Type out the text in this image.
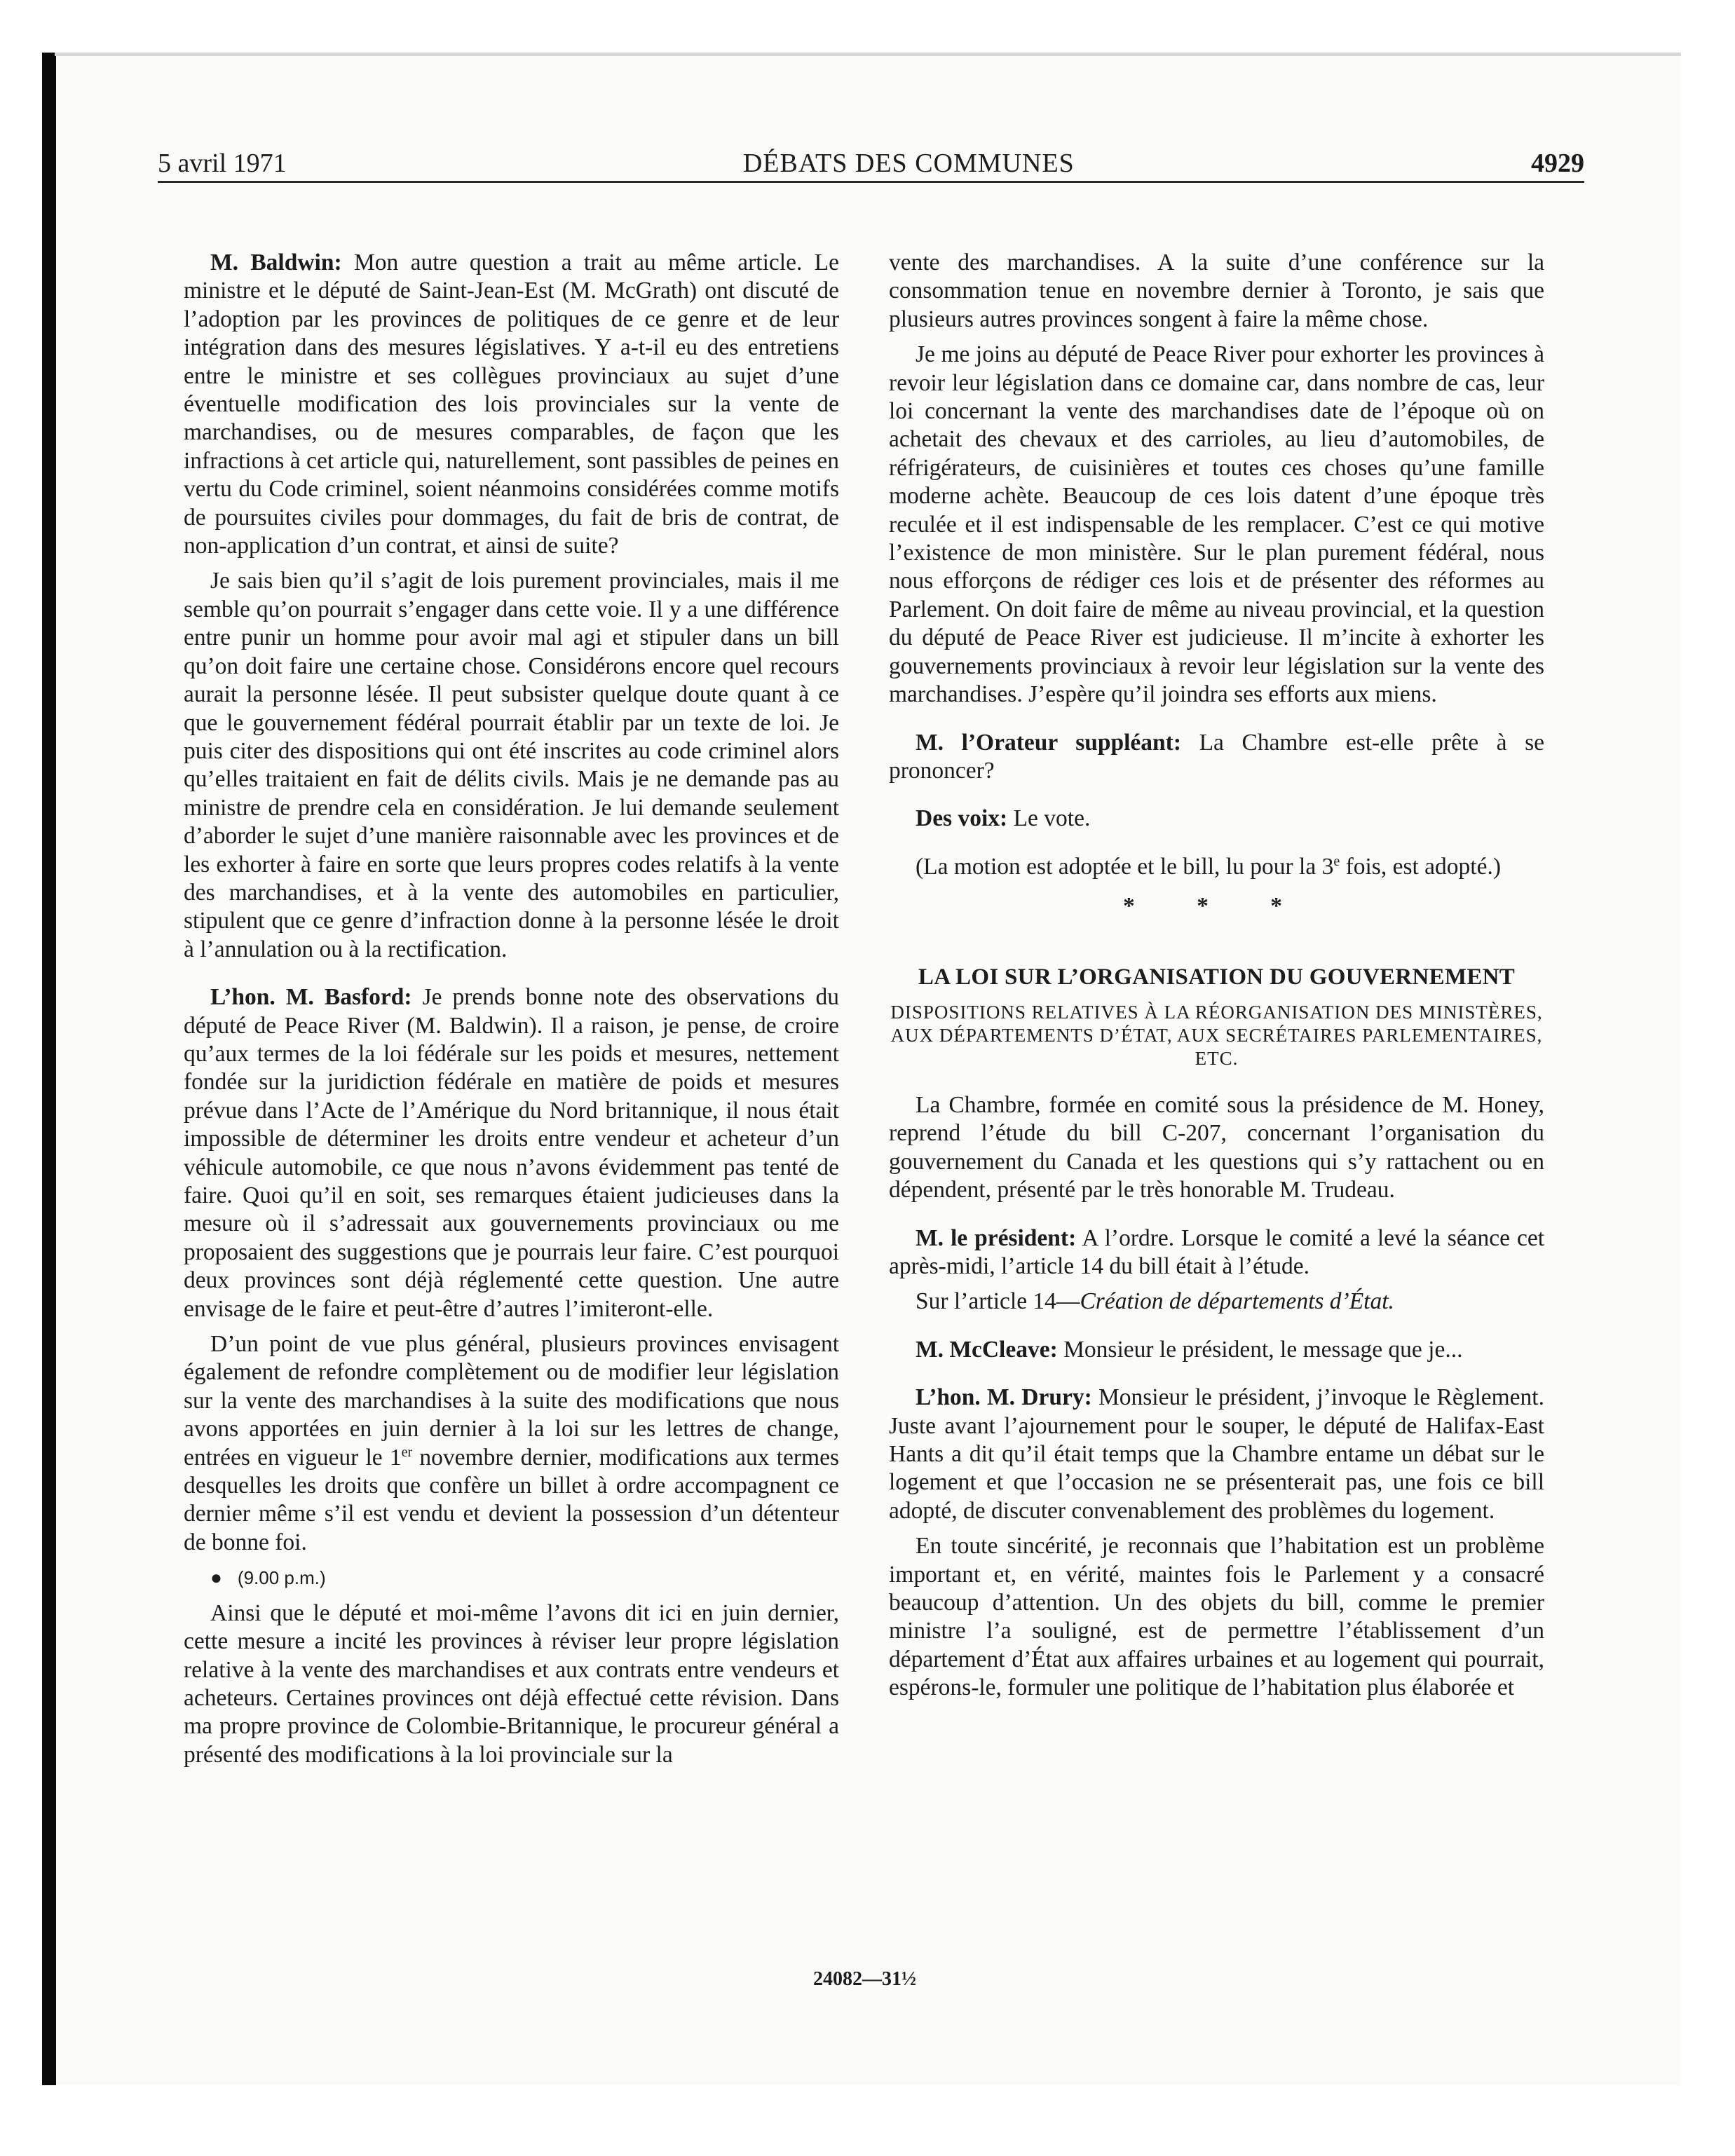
5 avril 1971	DÉBATS DES COMMUNES	4929

M. Baldwin: Mon autre question a trait au même article. Le ministre et le député de Saint-Jean-Est (M. McGrath) ont discuté de l’adoption par les provinces de politiques de ce genre et de leur intégration dans des mesures législatives. Y a-t-il eu des entretiens entre le ministre et ses collègues provinciaux au sujet d’une éventuelle modification des lois provinciales sur la vente de marchandises, ou de mesures comparables, de façon que les infractions à cet article qui, naturellement, sont passibles de peines en vertu du Code criminel, soient néanmoins considérées comme motifs de poursuites civiles pour dommages, du fait de bris de contrat, de non-application d’un contrat, et ainsi de suite?

Je sais bien qu’il s’agit de lois purement provinciales, mais il me semble qu’on pourrait s’engager dans cette voie. Il y a une différence entre punir un homme pour avoir mal agi et stipuler dans un bill qu’on doit faire une certaine chose. Considérons encore quel recours aurait la personne lésée. Il peut subsister quelque doute quant à ce que le gouvernement fédéral pourrait établir par un texte de loi. Je puis citer des dispositions qui ont été inscrites au code criminel alors qu’elles traitaient en fait de délits civils. Mais je ne demande pas au ministre de prendre cela en considération. Je lui demande seulement d’aborder le sujet d’une manière raisonnable avec les provinces et de les exhorter à faire en sorte que leurs propres codes relatifs à la vente des marchandises, et à la vente des automobiles en particulier, stipulent que ce genre d’infraction donne à la personne lésée le droit à l’annulation ou à la rectification.

L’hon. M. Basford: Je prends bonne note des observations du député de Peace River (M. Baldwin). Il a raison, je pense, de croire qu’aux termes de la loi fédérale sur les poids et mesures, nettement fondée sur la juridiction fédérale en matière de poids et mesures prévue dans l’Acte de l’Amérique du Nord britannique, il nous était impossible de déterminer les droits entre vendeur et acheteur d’un véhicule automobile, ce que nous n’avons évidemment pas tenté de faire. Quoi qu’il en soit, ses remarques étaient judicieuses dans la mesure où il s’adressait aux gouvernements provinciaux ou me proposaient des suggestions que je pourrais leur faire. C’est pourquoi deux provinces sont déjà réglementé cette question. Une autre envisage de le faire et peut-être d’autres l’imiteront-elle.

D’un point de vue plus général, plusieurs provinces envisagent également de refondre complètement ou de modifier leur législation sur la vente des marchandises à la suite des modifications que nous avons apportées en juin dernier à la loi sur les lettres de change, entrées en vigueur le 1er novembre dernier, modifications aux termes desquelles les droits que confère un billet à ordre accompagnent ce dernier même s’il est vendu et devient la possession d’un détenteur de bonne foi.

● (9.00 p.m.)

Ainsi que le député et moi-même l’avons dit ici en juin dernier, cette mesure a incité les provinces à réviser leur propre législation relative à la vente des marchandises et aux contrats entre vendeurs et acheteurs. Certaines provinces ont déjà effectué cette révision. Dans ma propre province de Colombie-Britannique, le procureur général a présenté des modifications à la loi provinciale sur la

vente des marchandises. A la suite d’une conférence sur la consommation tenue en novembre dernier à Toronto, je sais que plusieurs autres provinces songent à faire la même chose.

Je me joins au député de Peace River pour exhorter les provinces à revoir leur législation dans ce domaine car, dans nombre de cas, leur loi concernant la vente des marchandises date de l’époque où on achetait des chevaux et des carrioles, au lieu d’automobiles, de réfrigérateurs, de cuisinières et toutes ces choses qu’une famille moderne achète. Beaucoup de ces lois datent d’une époque très reculée et il est indispensable de les remplacer. C’est ce qui motive l’existence de mon ministère. Sur le plan purement fédéral, nous nous efforçons de rédiger ces lois et de présenter des réformes au Parlement. On doit faire de même au niveau provincial, et la question du député de Peace River est judicieuse. Il m’incite à exhorter les gouvernements provinciaux à revoir leur législation sur la vente des marchandises. J’espère qu’il joindra ses efforts aux miens.

M. l’Orateur suppléant: La Chambre est-elle prête à se prononcer?

Des voix: Le vote.

(La motion est adoptée et le bill, lu pour la 3e fois, est adopté.)

* * *
LA LOI SUR L’ORGANISATION DU GOUVERNEMENT
DISPOSITIONS RELATIVES À LA RÉORGANISATION DES MINISTÈRES, AUX DÉPARTEMENTS D’ÉTAT, AUX SECRÉTAIRES PARLEMENTAIRES, ETC.

La Chambre, formée en comité sous la présidence de M. Honey, reprend l’étude du bill C-207, concernant l’organisation du gouvernement du Canada et les questions qui s’y rattachent ou en dépendent, présenté par le très honorable M. Trudeau.

M. le président: A l’ordre. Lorsque le comité a levé la séance cet après-midi, l’article 14 du bill était à l’étude.

Sur l’article 14—Création de départements d’État.

M. McCleave: Monsieur le président, le message que je...

L’hon. M. Drury: Monsieur le président, j’invoque le Règlement. Juste avant l’ajournement pour le souper, le député de Halifax-East Hants a dit qu’il était temps que la Chambre entame un débat sur le logement et que l’occasion ne se présenterait pas, une fois ce bill adopté, de discuter convenablement des problèmes du logement.

En toute sincérité, je reconnais que l’habitation est un problème important et, en vérité, maintes fois le Parlement y a consacré beaucoup d’attention. Un des objets du bill, comme le premier ministre l’a souligné, est de permettre l’établissement d’un département d’État aux affaires urbaines et au logement qui pourrait, espérons-le, formuler une politique de l’habitation plus élaborée et

24082—31½
